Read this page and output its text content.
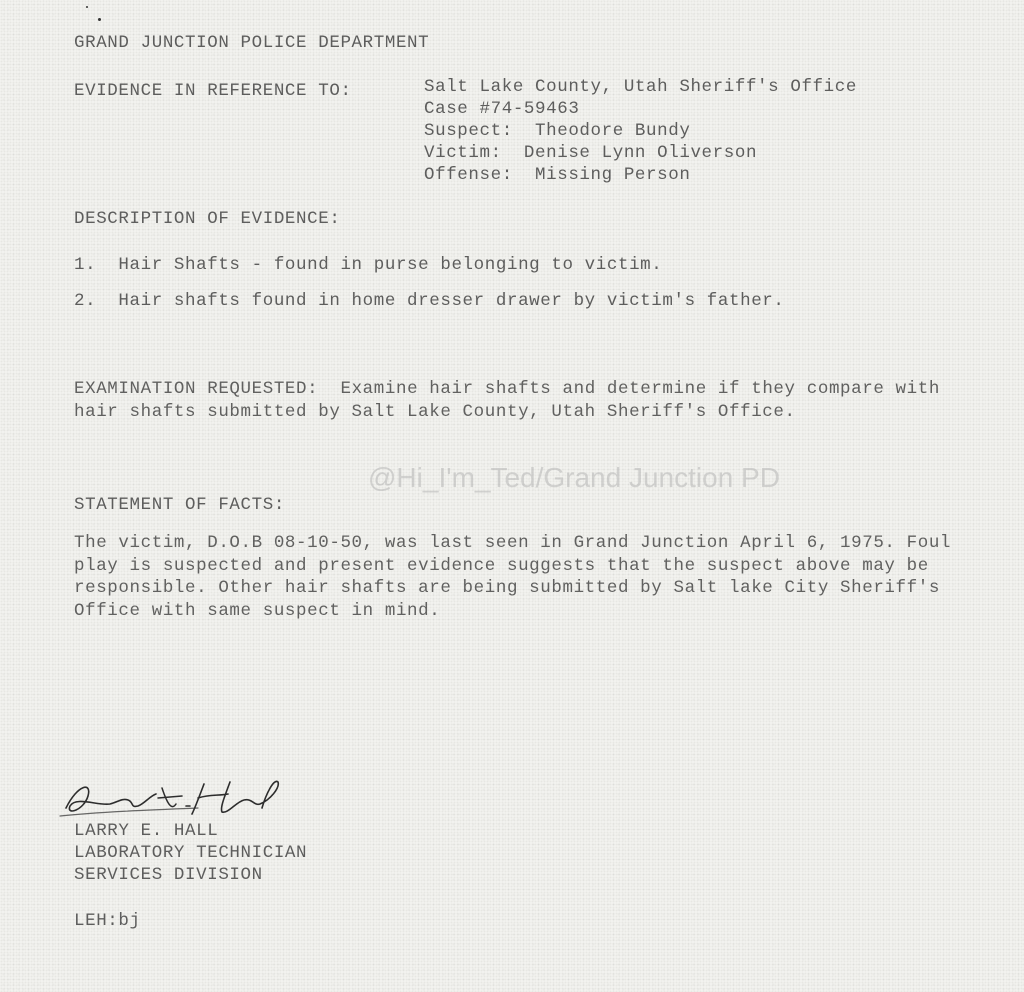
GRAND JUNCTION POLICE DEPARTMENT
EVIDENCE IN REFERENCE TO:	Salt Lake County, Utah Sheriff's Office
Case #74-59463
Suspect:  Theodore Bundy
Victim:  Denise Lynn Oliverson
Offense:  Missing Person
DESCRIPTION OF EVIDENCE:
1.  Hair Shafts - found in purse belonging to victim.
2.  Hair shafts found in home dresser drawer by victim's father.
EXAMINATION REQUESTED: Examine hair shafts and determine if they compare with hair shafts submitted by Salt Lake County, Utah Sheriff's Office.
@Hi_I'm_Ted/Grand Junction PD
STATEMENT OF FACTS:
The victim, D.O.B 08-10-50, was last seen in Grand Junction April 6, 1975. Foul play is suspected and present evidence suggests that the suspect above may be responsible. Other hair shafts are being submitted by Salt lake City Sheriff's Office with same suspect in mind.
LARRY E. HALL
LABORATORY TECHNICIAN
SERVICES DIVISION
LEH:bj
